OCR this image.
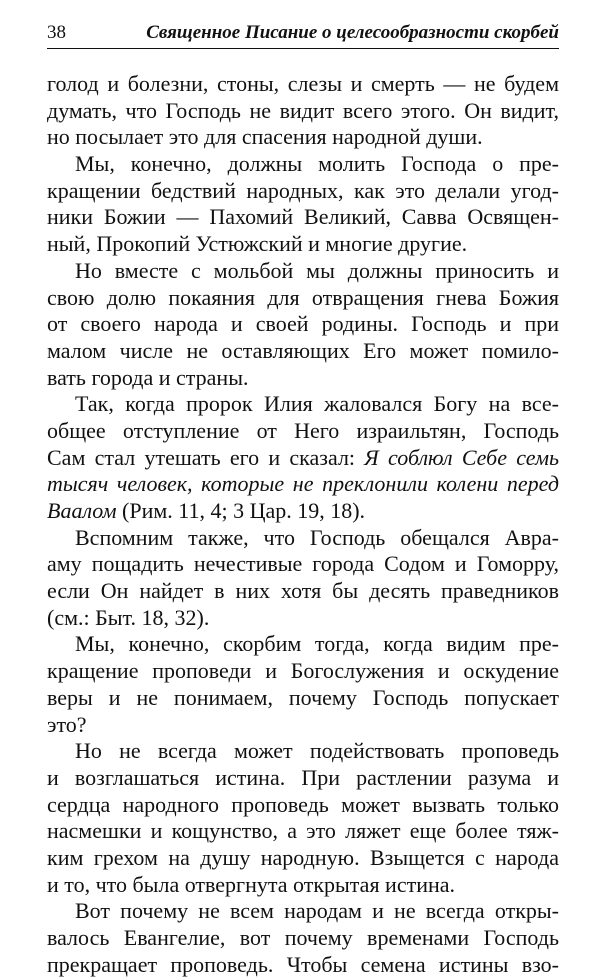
38	Священное Писание о целесообразности скорбей
голод и болезни, стоны, слезы и смерть — не будем
думать, что Господь не видит всего этого. Он видит,
но посылает это для спасения народной души.
Мы, конечно, должны молить Господа о пре-
кращении бедствий народных, как это делали угод-
ники Божии — Пахомий Великий, Савва Освящен-
ный, Прокопий Устюжский и многие другие.
Но вместе с мольбой мы должны приносить и
свою долю покаяния для отвращения гнева Божия
от своего народа и своей родины. Господь и при
малом числе не оставляющих Его может помило-
вать города и страны.
Так, когда пророк Илия жаловался Богу на все-
общее отступление от Него израильтян, Господь
Сам стал утешать его и сказал: Я соблюл Себе семь
тысяч человек, которые не преклонили колени перед
Ваалом (Рим. 11, 4; 3 Цар. 19, 18).
Вспомним также, что Господь обещался Авра-
аму пощадить нечестивые города Содом и Гоморру,
если Он найдет в них хотя бы десять праведников
(см.: Быт. 18, 32).
Мы, конечно, скорбим тогда, когда видим пре-
кращение проповеди и Богослужения и оскудение
веры и не понимаем, почему Господь попускает
это?
Но не всегда может подействовать проповедь
и возглашаться истина. При растлении разума и
сердца народного проповедь может вызвать только
насмешки и кощунство, а это ляжет еще более тяж-
ким грехом на душу народную. Взыщется с народа
и то, что была отвергнута открытая истина.
Вот почему не всем народам и не всегда откры-
валось Евангелие, вот почему временами Господь
прекращает проповедь. Чтобы семена истины взо-
